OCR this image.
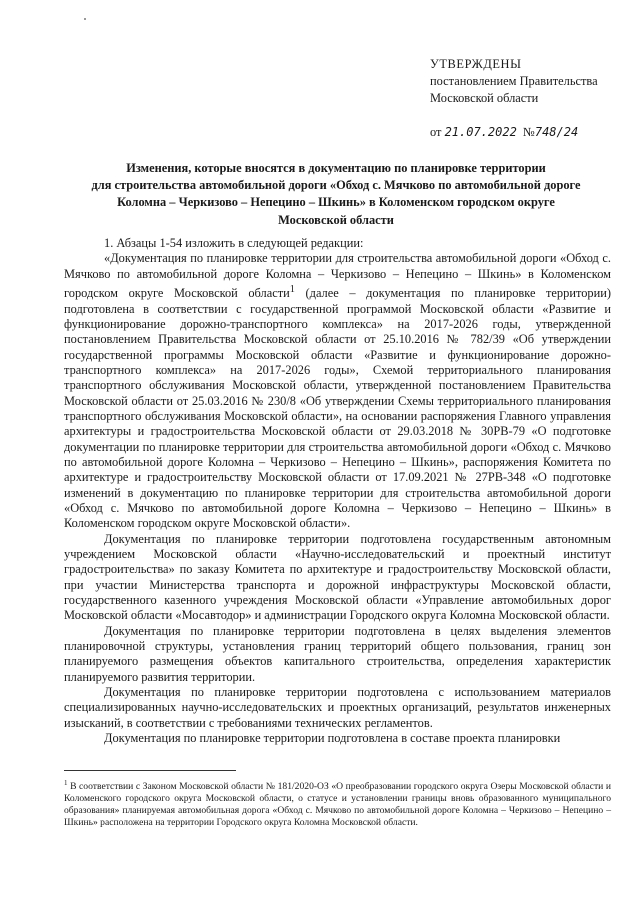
УТВЕРЖДЕНЫ
постановлением Правительства
Московской области
от 21.07.2022 №748/24
Изменения, которые вносятся в документацию по планировке территории
для строительства автомобильной дороги «Обход с. Мячково по автомобильной дороге
Коломна – Черкизово – Непецино – Шкинь» в Коломенском городском округе
Московской области

1. Абзацы 1-54 изложить в следующей редакции:

«Документация по планировке территории для строительства автомобильной дороги «Обход с. Мячково по автомобильной дороге Коломна – Черкизово – Непецино – Шкинь» в Коломенском городском округе Московской области$^1$ (далее – документация по планировке территории) подготовлена в соответствии с государственной программой Московской области «Развитие и функционирование дорожно-транспортного комплекса» на 2017-2026 годы, утвержденной постановлением Правительства Московской области от 25.10.2016 № 782/39 «Об утверждении государственной программы Московской области «Развитие и функционирование дорожно-транспортного комплекса» на 2017-2026 годы», Схемой территориального планирования транспортного обслуживания Московской области, утвержденной постановлением Правительства Московской области от 25.03.2016 № 230/8 «Об утверждении Схемы территориального планирования транспортного обслуживания Московской области», на основании распоряжения Главного управления архитектуры и градостроительства Московской области от 29.03.2018 № 30РВ-79 «О подготовке документации по планировке территории для строительства автомобильной дороги «Обход с. Мячково по автомобильной дороге Коломна – Черкизово – Непецино – Шкинь», распоряжения Комитета по архитектуре и градостроительству Московской области от 17.09.2021 № 27РВ-348 «О подготовке изменений в документацию по планировке территории для строительства автомобильной дороги «Обход с. Мячково по автомобильной дороге Коломна – Черкизово – Непецино – Шкинь» в Коломенском городском округе Московской области».

Документация по планировке территории подготовлена государственным автономным учреждением Московской области «Научно-исследовательский и проектный институт градостроительства» по заказу Комитета по архитектуре и градостроительству Московской области, при участии Министерства транспорта и дорожной инфраструктуры Московской области, государственного казенного учреждения Московской области «Управление автомобильных дорог Московской области «Мосавтодор» и администрации Городского округа Коломна Московской области.

Документация по планировке территории подготовлена в целях выделения элементов планировочной структуры, установления границ территорий общего пользования, границ зон планируемого размещения объектов капитального строительства, определения характеристик планируемого развития территории.

Документация по планировке территории подготовлена с использованием материалов специализированных научно-исследовательских и проектных организаций, результатов инженерных изысканий, в соответствии с требованиями технических регламентов.

Документация по планировке территории подготовлена в составе проекта планировки

$^1$ В соответствии с Законом Московской области № 181/2020-ОЗ «О преобразовании городского округа Озеры Московской области и Коломенского городского округа Московской области, о статусе и установлении границы вновь образованного муниципального образования» планируемая автомобильная дорога «Обход с. Мячково по автомобильной дороге Коломна – Черкизово – Непецино – Шкинь» расположена на территории Городского округа Коломна Московской области.
